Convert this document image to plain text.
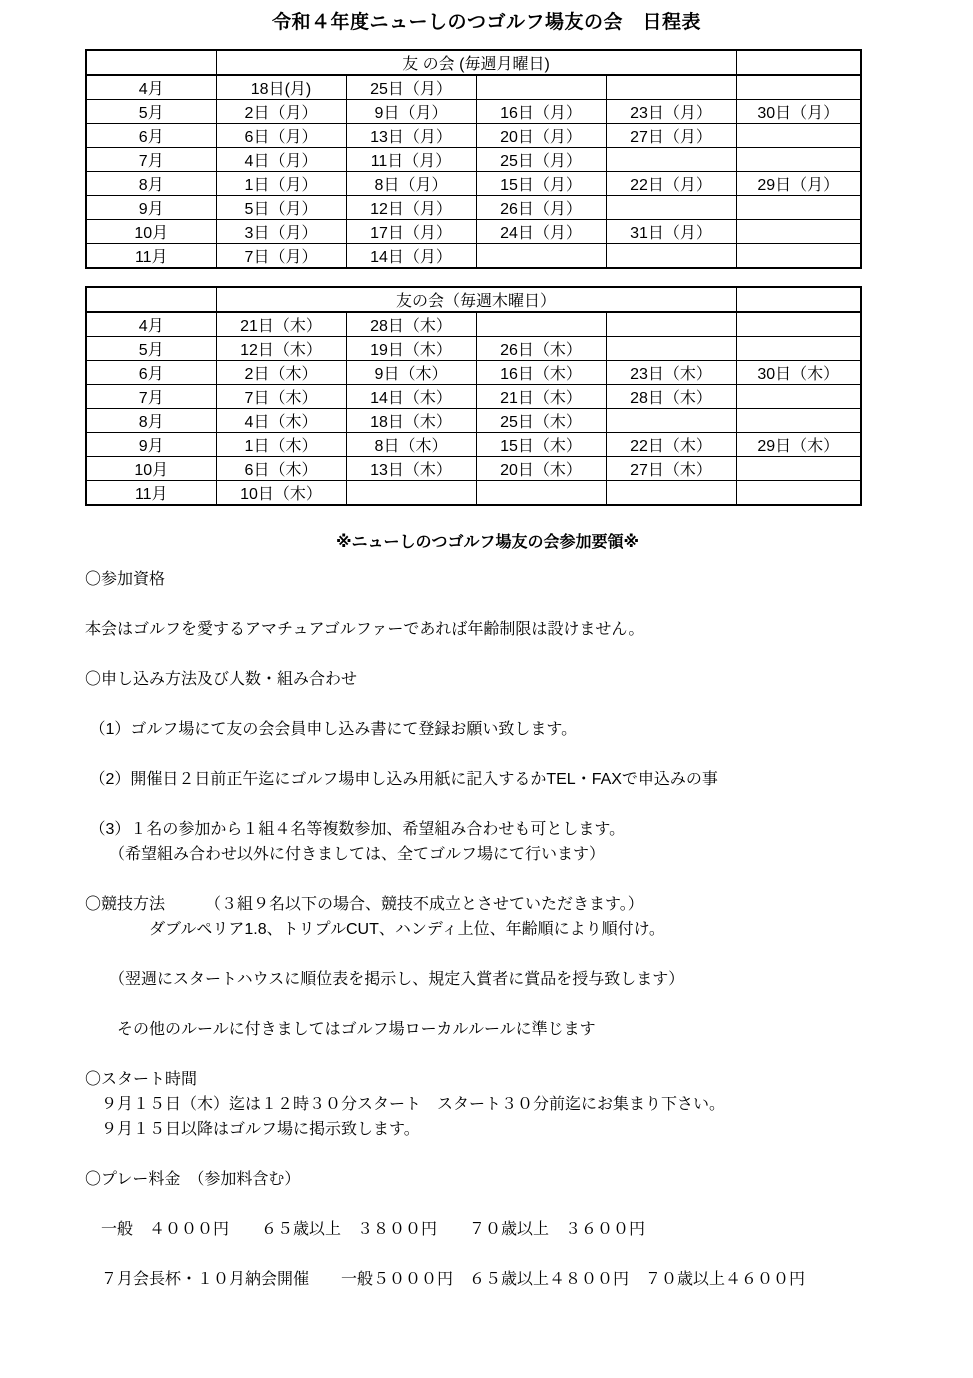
令和４年度ニューしのつゴルフ場友の会　日程表
	友 の会 (毎週月曜日)				
4月	18日(月)	25日（月）			
5月	2日（月）	9日（月）	16日（月）	23日（月）	30日（月）
6月	6日（月）	13日（月）	20日（月）	27日（月）	
7月	4日（月）	11日（月）	25日（月）		
8月	1日（月）	8日（月）	15日（月）	22日（月）	29日（月）
9月	5日（月）	12日（月）	26日（月）		
10月	3日（月）	17日（月）	24日（月）	31日（月）	
11月	7日（月）	14日（月）			
	友の会（毎週木曜日）				
4月	21日（木）	28日（木）			
5月	12日（木）	19日（木）	26日（木）		
6月	2日（木）	9日（木）	16日（木）	23日（木）	30日（木）
7月	7日（木）	14日（木）	21日（木）	28日（木）	
8月	4日（木）	18日（木）	25日（木）		
9月	1日（木）	8日（木）	15日（木）	22日（木）	29日（木）
10月	6日（木）	13日（木）	20日（木）	27日（木）	
11月	10日（木）				
※ニューしのつゴルフ場友の会参加要領※
〇参加資格
本会はゴルフを愛するアマチュアゴルファーであれば年齢制限は設けません。
〇申し込み方法及び人数・組み合わせ
（1）ゴルフ場にて友の会会員申し込み書にて登録お願い致します。
（2）開催日２日前正午迄にゴルフ場申し込み用紙に記入するかTEL・FAXで申込みの事
（3）１名の参加から１組４名等複数参加、希望組み合わせも可とします。
　　（希望組み合わせ以外に付きましては、全てゴルフ場にて行います）
〇競技方法　　　（３組９名以下の場合、競技不成立とさせていただきます。）
　　　　ダブルペリア1.8、トリプルCUT、ハンディ上位、年齢順により順付け。
　　（翌週にスタートハウスに順位表を掲示し、規定入賞者に賞品を授与致します）
　　その他のルールに付きましてはゴルフ場ローカルルールに準じます
〇スタート時間
　９月１５日（木）迄は１２時３０分スタート　スタート３０分前迄にお集まり下さい。
　９月１５日以降はゴルフ場に掲示致します。
〇プレー料金　（参加料含む）
　一般　４０００円　　６５歳以上　３８００円　　７０歳以上　３６００円
　７月会長杯・１０月納会開催　　一般５０００円　６５歳以上４８００円　７０歳以上４６００円
